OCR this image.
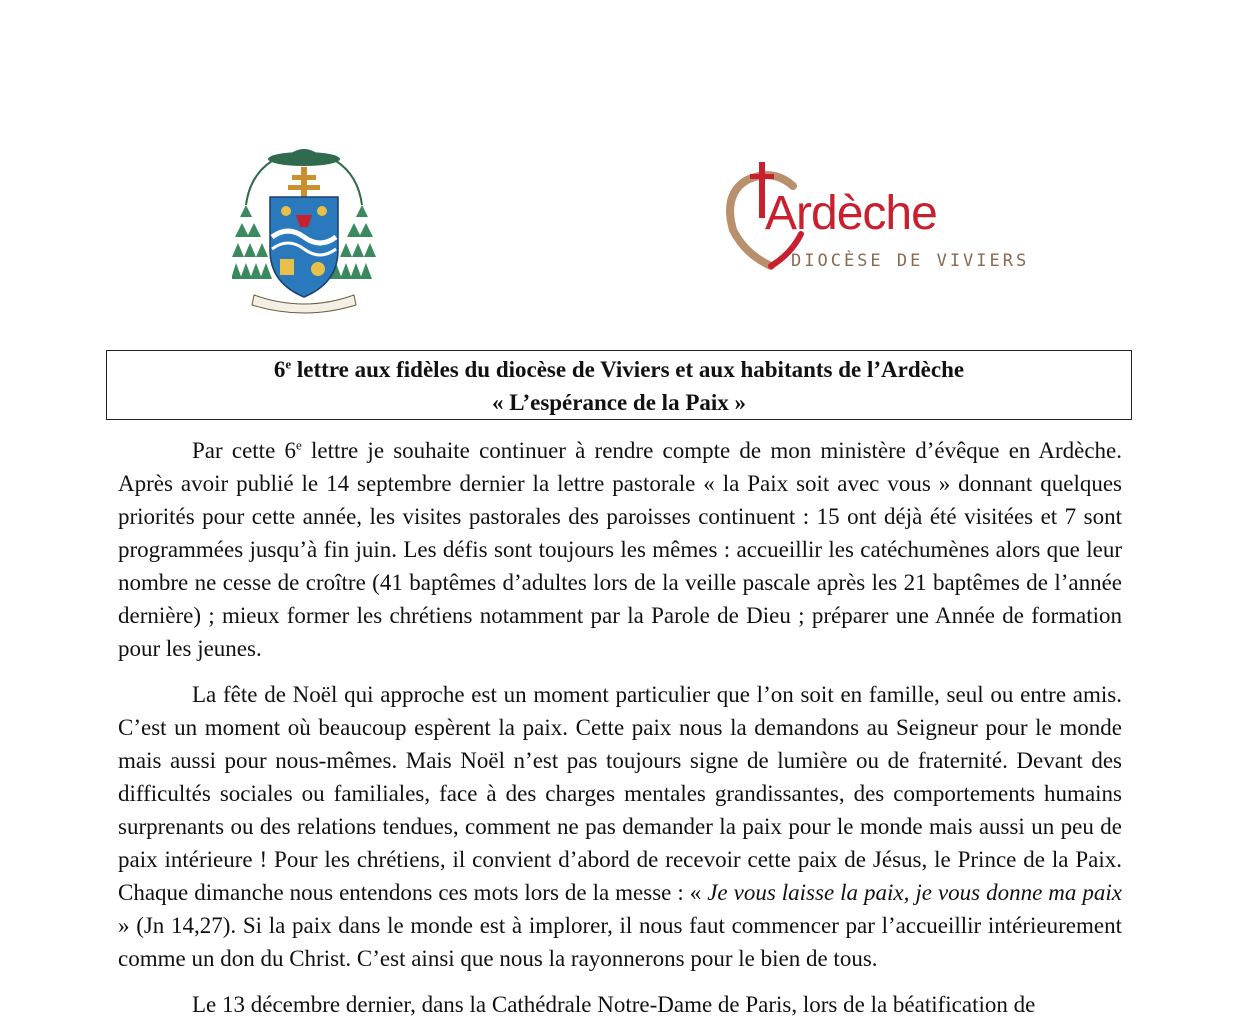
Ardèche
DIOCÈSE DE VIVIERS
6e lettre aux fidèles du diocèse de Viviers et aux habitants de l’Ardèche
« L’espérance de la Paix »

Par cette 6e lettre je souhaite continuer à rendre compte de mon ministère d’évêque en Ardèche. Après avoir publié le 14 septembre dernier la lettre pastorale « la Paix soit avec vous » donnant quelques priorités pour cette année, les visites pastorales des paroisses continuent : 15 ont déjà été visitées et 7 sont programmées jusqu’à fin juin. Les défis sont toujours les mêmes : accueillir les catéchumènes alors que leur nombre ne cesse de croître (41 baptêmes d’adultes lors de la veille pascale après les 21 baptêmes de l’année dernière) ; mieux former les chrétiens notamment par la Parole de Dieu ; préparer une Année de formation pour les jeunes.

La fête de Noël qui approche est un moment particulier que l’on soit en famille, seul ou entre amis. C’est un moment où beaucoup espèrent la paix. Cette paix nous la demandons au Seigneur pour le monde mais aussi pour nous-mêmes. Mais Noël n’est pas toujours signe de lumière ou de fraternité. Devant des difficultés sociales ou familiales, face à des charges mentales grandissantes, des comportements humains surprenants ou des relations tendues, comment ne pas demander la paix pour le monde mais aussi un peu de paix intérieure ! Pour les chrétiens, il convient d’abord de recevoir cette paix de Jésus, le Prince de la Paix. Chaque dimanche nous entendons ces mots lors de la messe : « Je vous laisse la paix, je vous donne ma paix » (Jn 14,27). Si la paix dans le monde est à implorer, il nous faut commencer par l’accueillir intérieurement comme un don du Christ. C’est ainsi que nous la rayonnerons pour le bien de tous.

Le 13 décembre dernier, dans la Cathédrale Notre-Dame de Paris, lors de la béatification de
